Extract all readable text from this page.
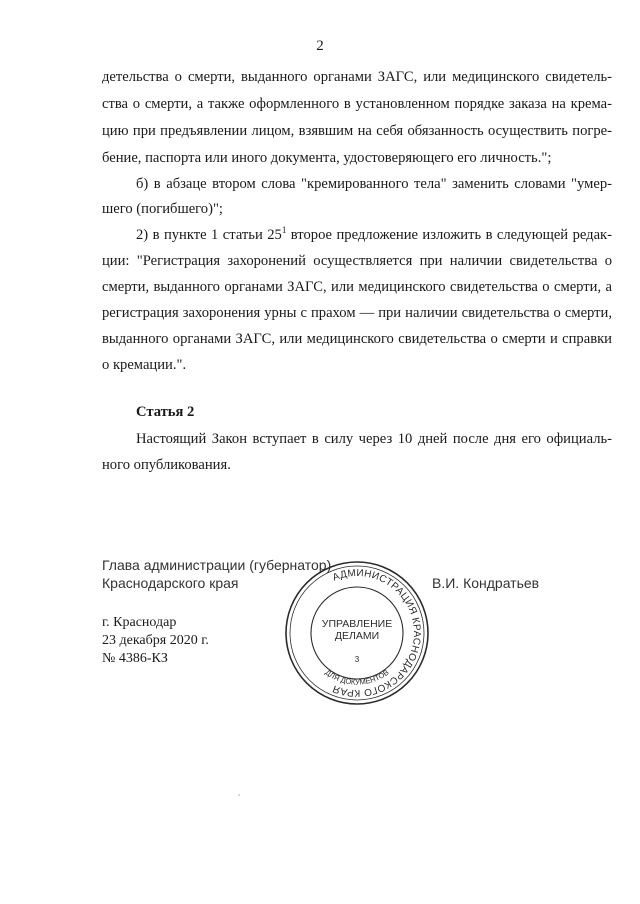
2
детельства о смерти, выданного органами ЗАГС, или медицинского свидетель-
ства о смерти, а также оформленного в установленном порядке заказа на крема-
цию при предъявлении лицом, взявшим на себя обязанность осуществить погре-
бение, паспорта или иного документа, удостоверяющего его личность.";
б) в абзаце втором слова "кремированного тела" заменить словами "умер-
шего (погибшего)";
2) в пункте 1 статьи $25^1$ второе предложение изложить в следующей редак-
ции: "Регистрация захоронений осуществляется при наличии свидетельства о
смерти, выданного органами ЗАГС, или медицинского свидетельства о смерти, а
регистрация захоронения урны с прахом — при наличии свидетельства о смерти,
выданного органами ЗАГС, или медицинского свидетельства о смерти и справки
о кремации.".
Статья 2
Настоящий Закон вступает в силу через 10 дней после дня его официаль-
ного опубликования.
Глава администрации (губернатор)
Краснодарского края	В.И. Кондратьев
г. Краснодар
23 декабря 2020 г.
№ 4386-КЗ
АДМИНИСТРАЦИЯ КРАСНОДАРСКОГО КРАЯ
ДЛЯ ДОКУМЕНТОВ
УПРАВЛЕНИЕ
ДЕЛАМИ
3
